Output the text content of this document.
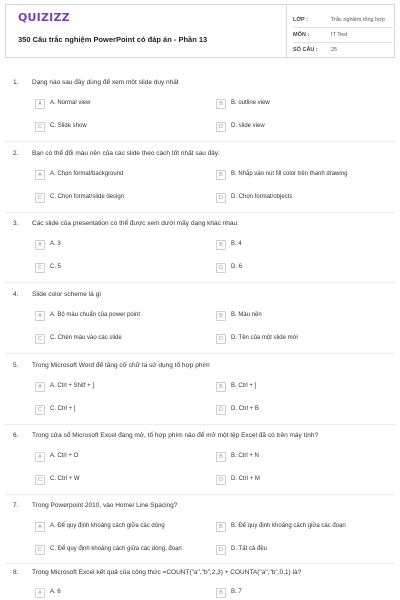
QUIZIZZ
350 Câu trắc nghiệm PowerPoint có đáp án - Phần 13
LỚP :	Trắc nghiệm tổng hợp
MÔN :	IT Test
SỐ CÂU : 25
1. Dạng nào sau đây dùng để xem một slide duy nhất
A	A. Normal view	B	B. outline view
C	C. Slide show	D	D. slide view
2. Bạn có thể đổi màu nền của các slide theo cách tốt nhất sau đây:
A	A. Chọn format/background	B	B. Nhắp vào nút fill color trên thanh drawing
C	C. Chọn format/slide design	D	D. Chọn format/objects
3. Các slide của presentation có thể được xem dưới mấy dạng khác nhau:
A	A. 3	B	B. 4
C	C. 5	D	D. 6
4. Slide color scheme là gì
A	A. Bộ màu chuẩn của power point	B	B. Màu nền
C	C. Chèn màu vào các slide	D	D. Tên của một slide mới
5. Trong Microsoft Word để tăng cỡ chữ ta sử dụng tổ hợp phím
A	A. Ctrl + Shitf + ]	B	B. Ctrl + ]
C	C. Ctrl + [	D	D. Ctrl + B
6. Trong cửa sổ Microsoft Excel đang mở, tổ hợp phím nào để mở một tệp Excel đã có trên máy tính?
A	A. Ctrl + O	B	B. Ctrl + N
C	C. Ctrl + W	D	D. Ctrl + M
7. Trong Powerpoint 2010, vào Home/ Line Spacing?
A	A. Để quy định khoảng cách giữa các dòng	B	B. Để quy định khoảng cách giữa các đoạn
C	C. Để quy định khoảng cách giữa các dòng, đoạn	D	D. Tất cả đều
8. Trong Microsoft Excel kết quả của công thức =COUNT("a","b",2,3) + COUNTA("a","b",0,1) là?
A	A. 6	B	B. 7
